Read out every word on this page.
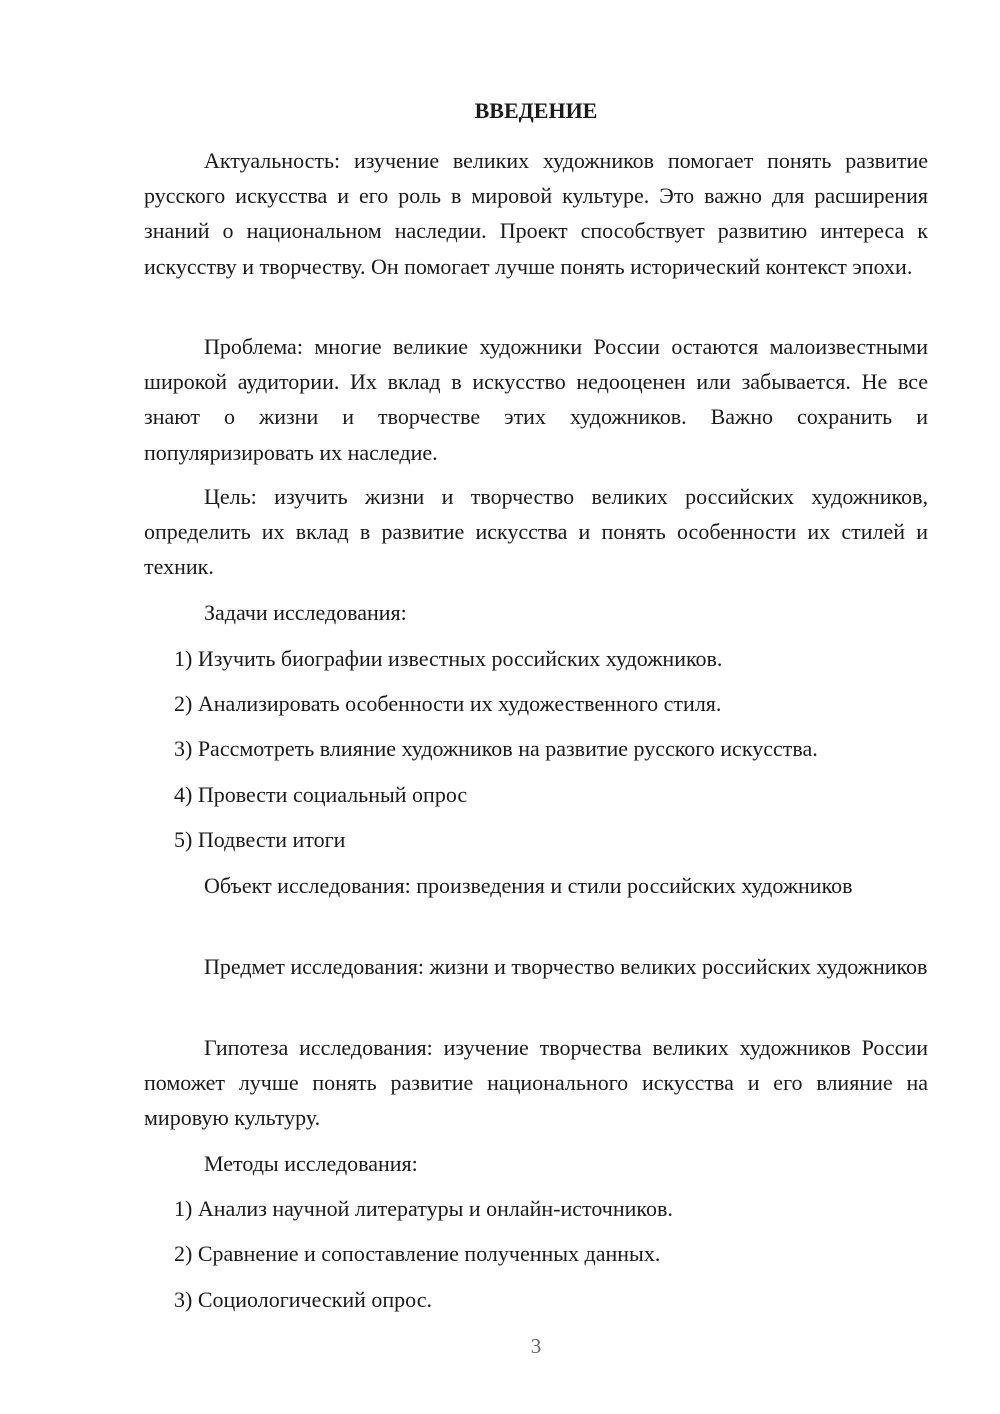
ВВЕДЕНИЕ

Актуальность: изучение великих художников помогает понять развитие русского искусства и его роль в мировой культуре. Это важно для расширения знаний о национальном наследии. Проект способствует развитию интереса к искусству и творчеству. Он помогает лучше понять исторический контекст эпохи.

Проблема: многие великие художники России остаются малоизвестными широкой аудитории. Их вклад в искусство недооценен или забывается. Не все знают о жизни и творчестве этих художников. Важно сохранить и популяризировать их наследие.

Цель: изучить жизни и творчество великих российских художников, определить их вклад в развитие искусства и понять особенности их стилей и техник.

Задачи исследования:

1) Изучить биографии известных российских художников.

2) Анализировать особенности их художественного стиля.

3) Рассмотреть влияние художников на развитие русского искусства.

4) Провести социальный опрос

5) Подвести итоги

Объект исследования: произведения и стили российских художников

Предмет исследования: жизни и творчество великих российских художников

Гипотеза исследования: изучение творчества великих художников России поможет лучше понять развитие национального искусства и его влияние на мировую культуру.

Методы исследования:

1) Анализ научной литературы и онлайн-источников.

2) Сравнение и сопоставление полученных данных.

3) Социологический опрос.

3
